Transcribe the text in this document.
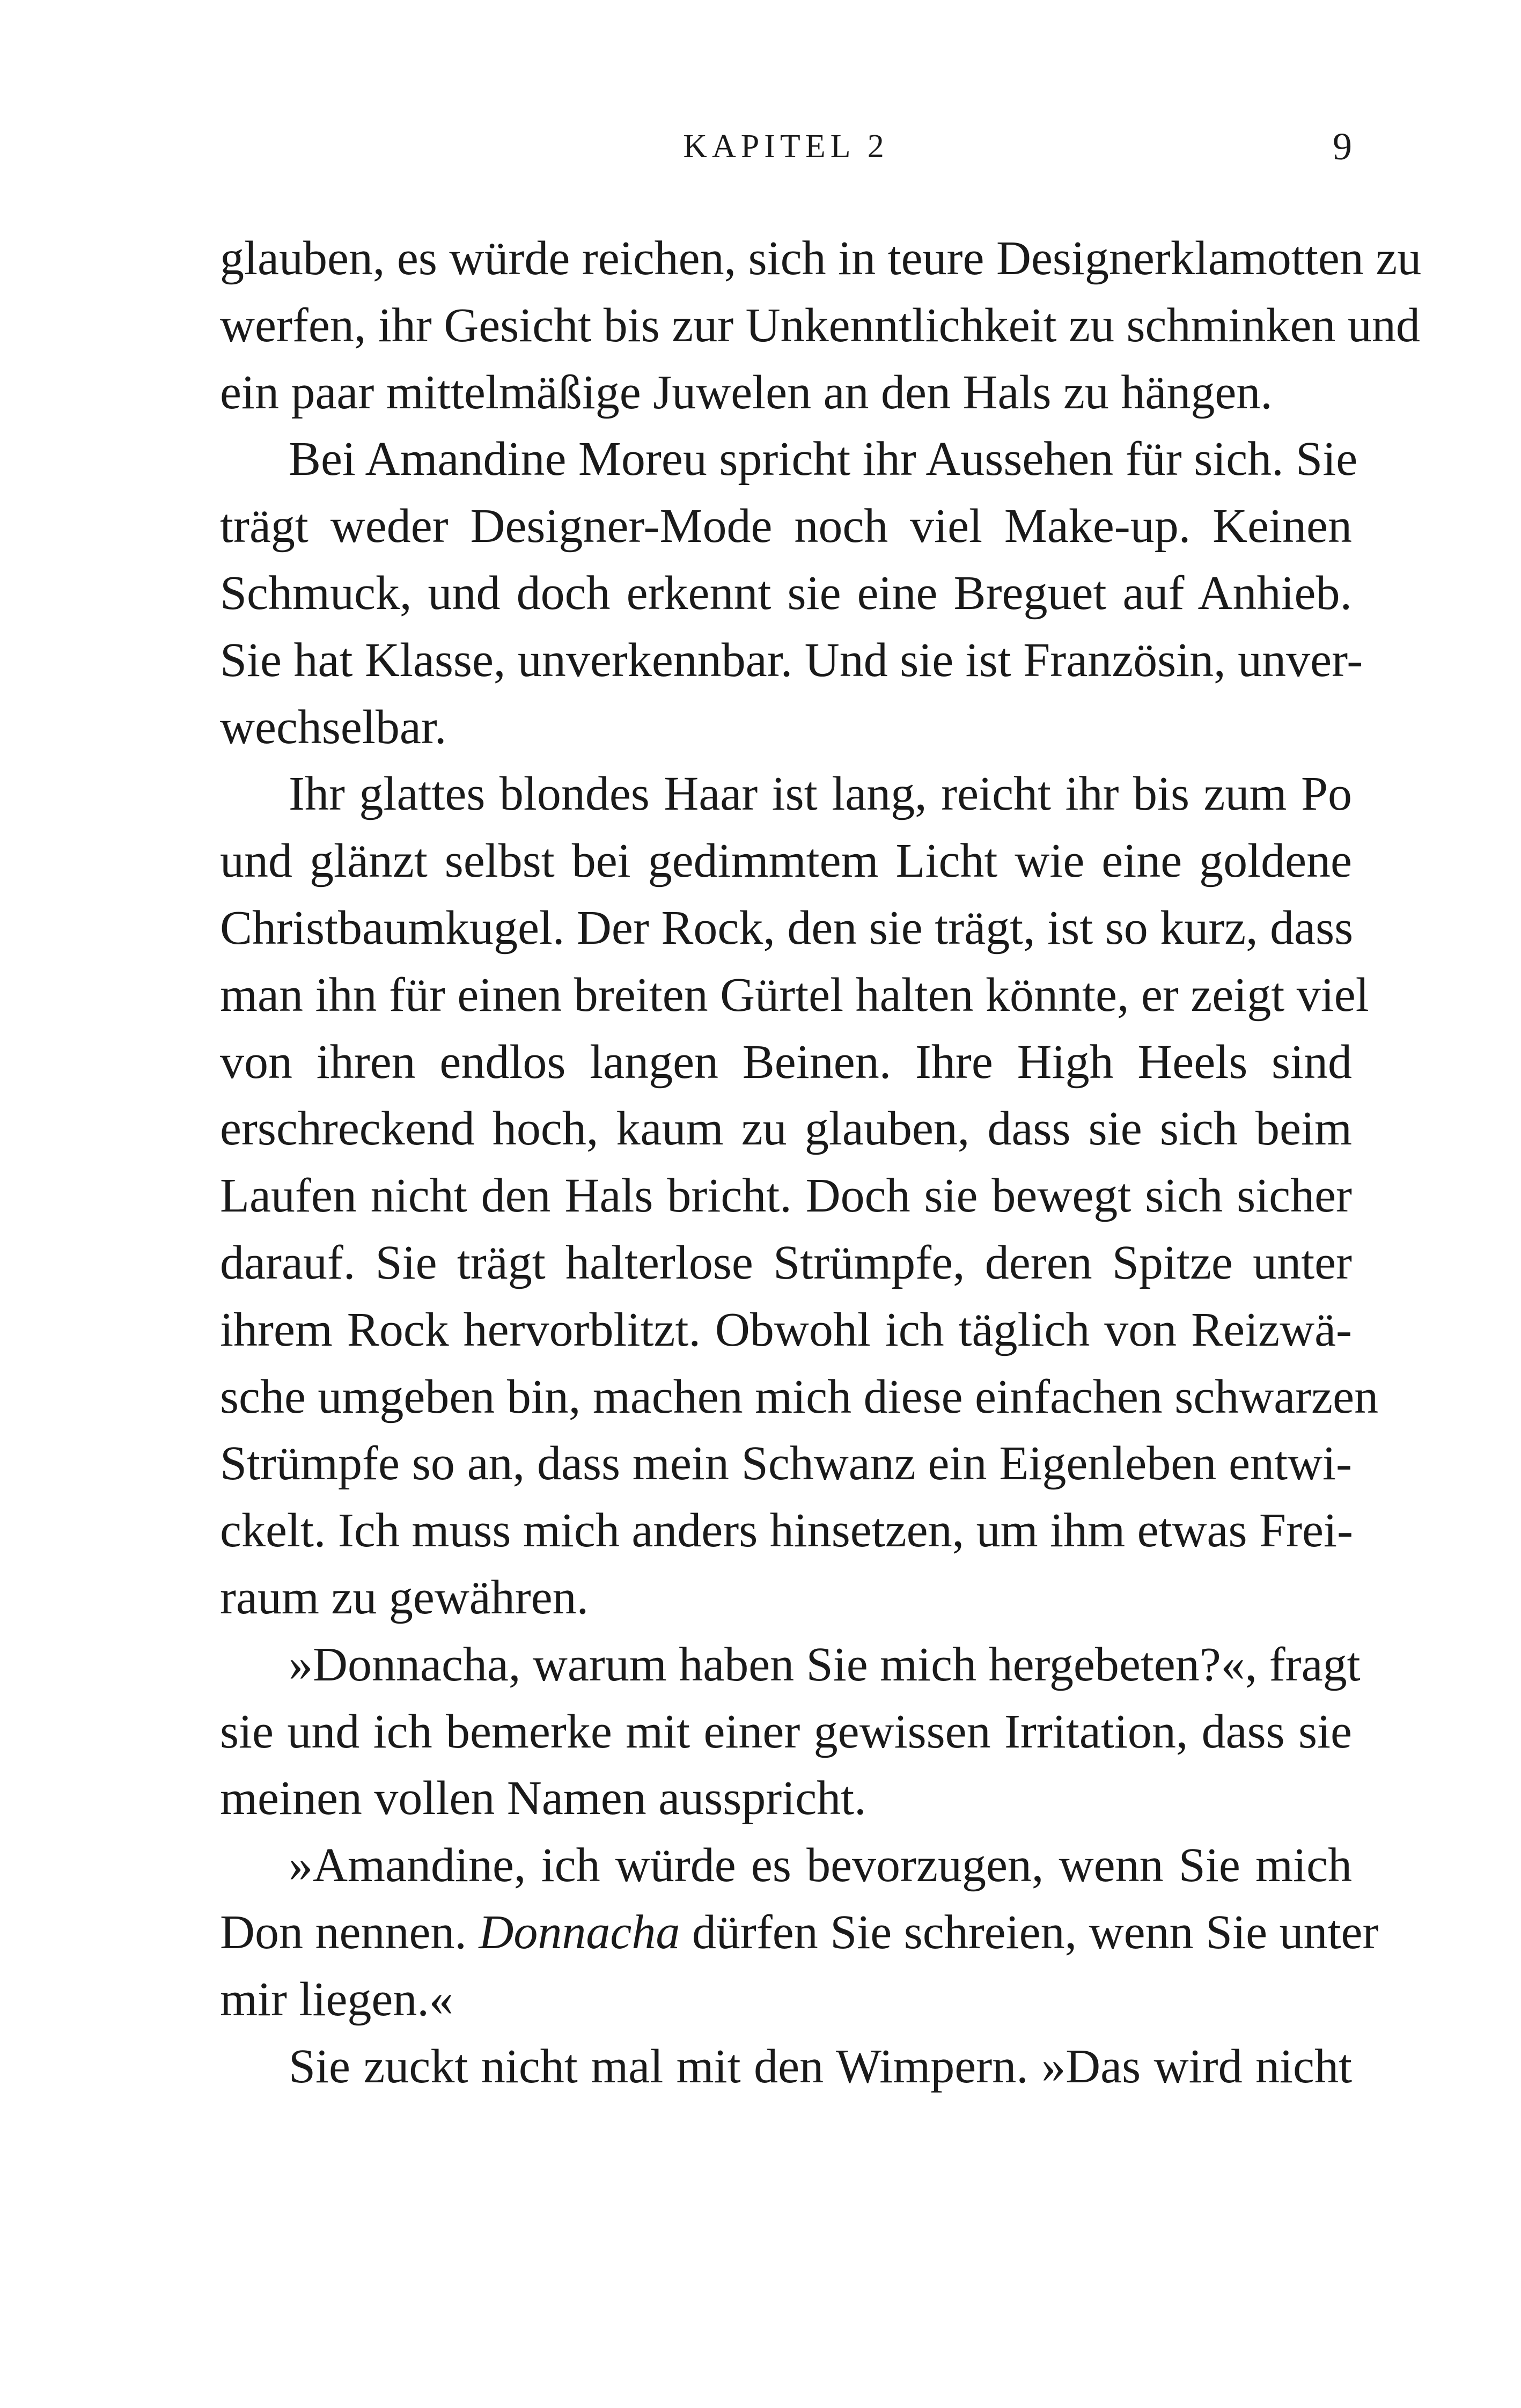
KAPITEL 2	9
glauben, es würde reichen, sich in teure Designerklamotten zu
werfen, ihr Gesicht bis zur Unkenntlichkeit zu schminken und
ein paar mittelmäßige Juwelen an den Hals zu hängen.
Bei Amandine Moreu spricht ihr Aussehen für sich. Sie
trägt weder Designer-Mode noch viel Make-up. Keinen
Schmuck, und doch erkennt sie eine Breguet auf Anhieb.
Sie hat Klasse, unverkennbar. Und sie ist Französin, unver-
wechselbar.
Ihr glattes blondes Haar ist lang, reicht ihr bis zum Po
und glänzt selbst bei gedimmtem Licht wie eine goldene
Christbaumkugel. Der Rock, den sie trägt, ist so kurz, dass
man ihn für einen breiten Gürtel halten könnte, er zeigt viel
von ihren endlos langen Beinen. Ihre High Heels sind
erschreckend hoch, kaum zu glauben, dass sie sich beim
Laufen nicht den Hals bricht. Doch sie bewegt sich sicher
darauf. Sie trägt halterlose Strümpfe, deren Spitze unter
ihrem Rock hervorblitzt. Obwohl ich täglich von Reizwä-
sche umgeben bin, machen mich diese einfachen schwarzen
Strümpfe so an, dass mein Schwanz ein Eigenleben entwi-
ckelt. Ich muss mich anders hinsetzen, um ihm etwas Frei-
raum zu gewähren.
»Donnacha, warum haben Sie mich hergebeten?«, fragt
sie und ich bemerke mit einer gewissen Irritation, dass sie
meinen vollen Namen ausspricht.
»Amandine, ich würde es bevorzugen, wenn Sie mich
Don nennen. Donnacha dürfen Sie schreien, wenn Sie unter
mir liegen.«
Sie zuckt nicht mal mit den Wimpern. »Das wird nicht
